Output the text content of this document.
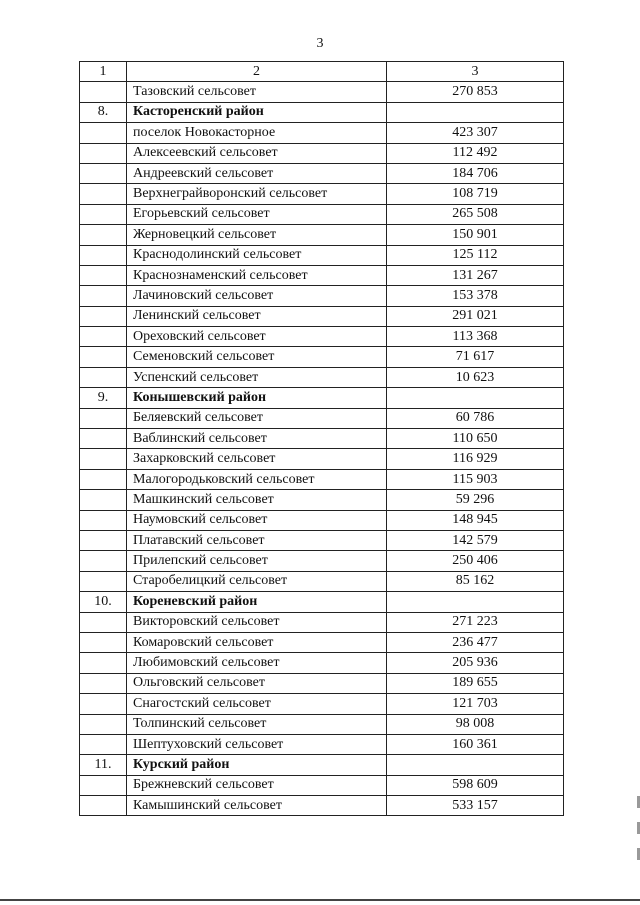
3
1	2	3
	Тазовский сельсовет	270 853
8.	Касторенский район	
	поселок Новокасторное	423 307
	Алексеевский сельсовет	112 492
	Андреевский сельсовет	184 706
	Верхнеграйворонский сельсовет	108 719
	Егорьевский сельсовет	265 508
	Жерновецкий сельсовет	150 901
	Краснодолинский сельсовет	125 112
	Краснознаменский сельсовет	131 267
	Лачиновский сельсовет	153 378
	Ленинский сельсовет	291 021
	Ореховский сельсовет	113 368
	Семеновский сельсовет	71 617
	Успенский сельсовет	10 623
9.	Конышевский район	
	Беляевский сельсовет	60 786
	Ваблинский сельсовет	110 650
	Захарковский сельсовет	116 929
	Малогородьковский сельсовет	115 903
	Машкинский сельсовет	59 296
	Наумовский сельсовет	148 945
	Платавский сельсовет	142 579
	Прилепский сельсовет	250 406
	Старобелицкий сельсовет	85 162
10.	Кореневский район	
	Викторовский сельсовет	271 223
	Комаровский сельсовет	236 477
	Любимовский сельсовет	205 936
	Ольговский сельсовет	189 655
	Снагостский сельсовет	121 703
	Толпинский сельсовет	98 008
	Шептуховский сельсовет	160 361
11.	Курский район	
	Брежневский сельсовет	598 609
	Камышинский сельсовет	533 157
